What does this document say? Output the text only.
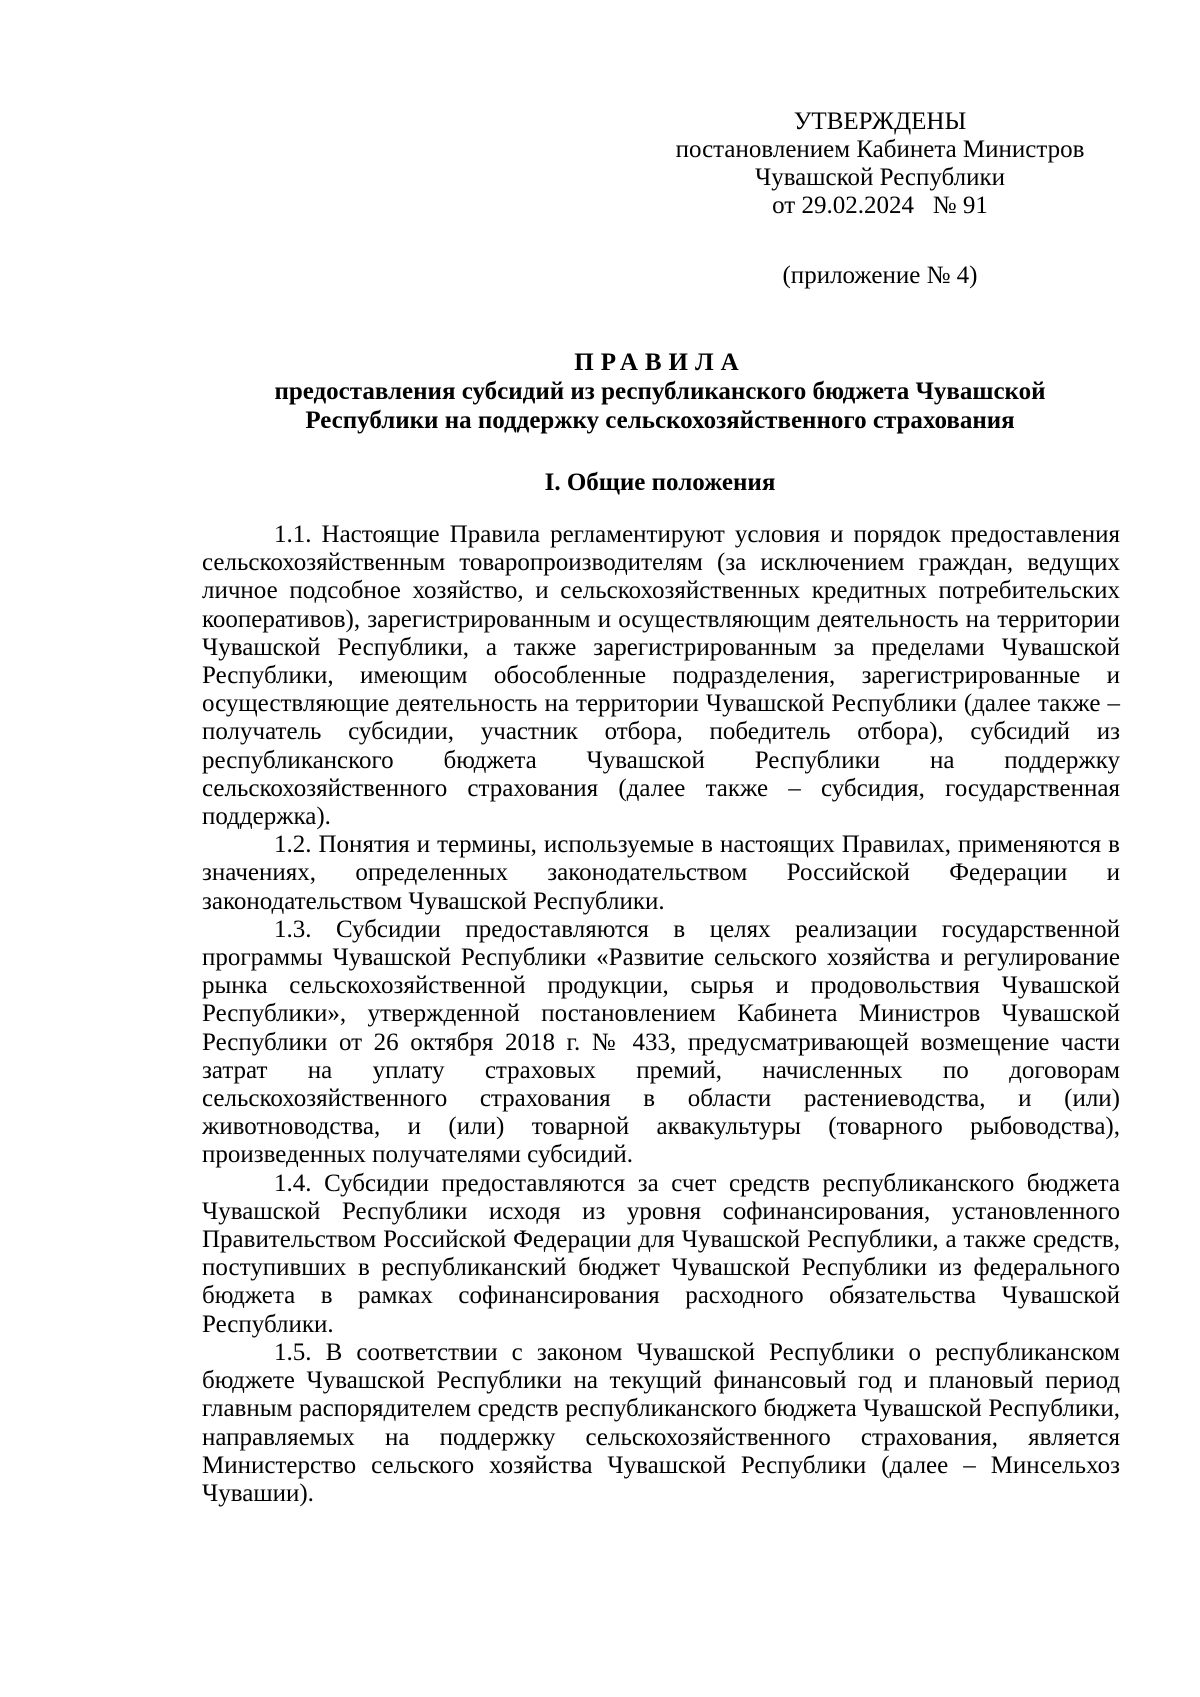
УТВЕРЖДЕНЫ
постановлением Кабинета Министров
Чувашской Республики
от 29.02.2024   № 91
(приложение № 4)
ПРАВИЛА
предоставления субсидий из республиканского бюджета Чувашской
Республики на поддержку сельскохозяйственного страхования
I. Общие положения

1.1. Настоящие Правила регламентируют условия и порядок предоставления сельскохозяйственным товаропроизводителям (за исключением граждан, ведущих личное подсобное хозяйство, и сельскохозяйственных кредитных потребительских кооперативов), зарегистрированным и осуществляющим деятельность на территории Чувашской Республики, а также зарегистрированным за пределами Чувашской Республики, имеющим обособленные подразделения, зарегистрированные и осуществляющие деятельность на территории Чувашской Республики (далее также – получатель субсидии, участник отбора, победитель отбора), субсидий из республиканского бюджета Чувашской Республики на поддержку сельскохозяйственного страхования (далее также – субсидия, государственная поддержка).

1.2. Понятия и термины, используемые в настоящих Правилах, применяются в значениях, определенных законодательством Российской Федерации и законодательством Чувашской Республики.

1.3. Субсидии предоставляются в целях реализации государственной программы Чувашской Республики «Развитие сельского хозяйства и регулирование рынка сельскохозяйственной продукции, сырья и продовольствия Чувашской Республики», утвержденной постановлением Кабинета Министров Чувашской Республики от 26 октября 2018 г. № 433, предусматривающей возмещение части затрат на уплату страховых премий, начисленных по договорам сельскохозяйственного страхования в области растениеводства, и (или) животноводства, и (или) товарной аквакультуры (товарного рыбоводства), произведенных получателями субсидий.

1.4. Субсидии предоставляются за счет средств республиканского бюджета Чувашской Республики исходя из уровня софинансирования, установленного Правительством Российской Федерации для Чувашской Республики, а также средств, поступивших в республиканский бюджет Чувашской Республики из федерального бюджета в рамках софинансирования расходного обязательства Чувашской Республики.

1.5. В соответствии с законом Чувашской Республики о республиканском бюджете Чувашской Республики на текущий финансовый год и плановый период главным распорядителем средств республиканского бюджета Чувашской Республики, направляемых на поддержку сельскохозяйственного страхования, является Министерство сельского хозяйства Чувашской Республики (далее – Минсельхоз Чувашии).
